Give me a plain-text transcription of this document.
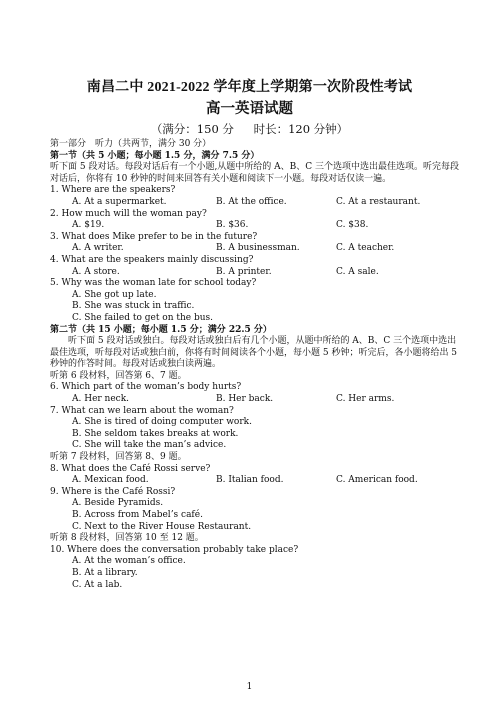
南昌二中 2021-2022 学年度上学期第一次阶段性考试
高一英语试题
（满分：150 分 时长：120 分钟）
第一部分　听力（共两节，满分 30 分）
第一节（共 5 小题；每小题 1.5 分，满分 7.5 分）
听下面 5 段对话。每段对话后有一个小题,从题中所给的 A、B、C 三个选项中选出最佳选项。听完每段对话后，你将有 10 秒钟的时间来回答有关小题和阅读下一小题。每段对话仅读一遍。
1. Where are the speakers?
A. At a supermarket.	B. At the office.	C. At a restaurant.
2. How much will the woman pay?
A. $19.	B. $36.	C. $38.
3. What does Mike prefer to be in the future?
A. A writer.	B. A businessman.	C. A teacher.
4. What are the speakers mainly discussing?
A. A store.	B. A printer.	C. A sale.
5. Why was the woman late for school today?
A. She got up late.
B. She was stuck in traffic.
C. She failed to get on the bus.
第二节（共 15 小题；每小题 1.5 分；满分 22.5 分）
听下面 5 段对话或独白。每段对话或独白后有几个小题，从题中所给的 A、B、C 三个选项中选出最佳选项，听每段对话或独白前，你将有时间阅读各个小题，每小题 5 秒钟；听完后，各小题将给出 5 秒钟的作答时间。每段对话或独白读两遍。
听第 6 段材料，回答第 6、7 题。
6. Which part of the woman’s body hurts?
A. Her neck.	B. Her back.	C. Her arms.
7. What can we learn about the woman?
A. She is tired of doing computer work.
B. She seldom takes breaks at work.
C. She will take the man’s advice.
听第 7 段材料，回答第 8、9 题。
8. What does the Café Rossi serve?
A. Mexican food.	B. Italian food.	C. American food.
9. Where is the Café Rossi?
A. Beside Pyramids.
B. Across from Mabel’s café.
C. Next to the River House Restaurant.
听第 8 段材料，回答第 10 至 12 题。
10. Where does the conversation probably take place?
A. At the woman’s office.
B. At a library.
C. At a lab.
1
